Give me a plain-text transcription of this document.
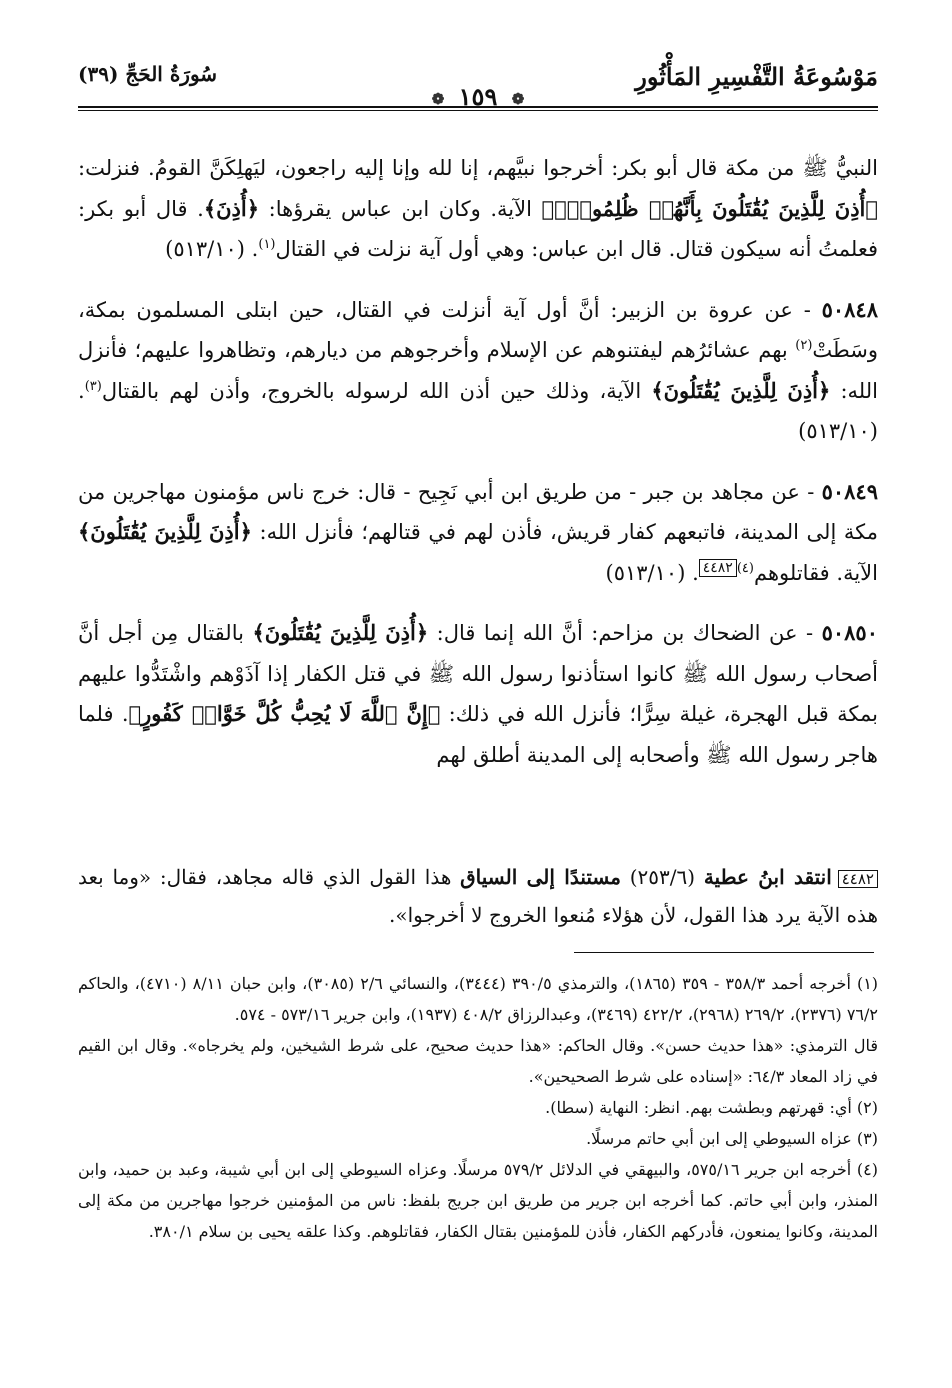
مَوْسُوعَةُ التَّفْسِيرِ المَأْثُورِ
❁ ١٥٩ ❁
سُورَةُ الحَجِّ (٣٩)

النبيُّ ﷺ من مكة قال أبو بكر: أخرجوا نبيَّهم، إنا لله وإنا إليه راجعون، ليَهلِكَنَّ القومُ. فنزلت: ﴿أُذِنَ لِلَّذِينَ يُقَٰتَلُونَ بِأَنَّهُمۡ ظُلِمُواْۚ﴾ الآية. وكان ابن عباس يقرؤها: ﴿أُذِنَ﴾. قال أبو بكر: فعلمتُ أنه سيكون قتال. قال ابن عباس: وهي أول آية نزلت في القتال$^{(١)}$. (٥١٣/١٠)

٥٠٨٤٨ - عن عروة بن الزبير: أنَّ أول آية أنزلت في القتال، حين ابتلى المسلمون بمكة، وسَطَتْ$^{(٢)}$ بهم عشائرُهم ليفتنوهم عن الإسلام وأخرجوهم من ديارهم، وتظاهروا عليهم؛ فأنزل الله: ﴿أُذِنَ لِلَّذِينَ يُقَٰتَلُونَ﴾ الآية، وذلك حين أذن الله لرسوله بالخروج، وأذن لهم بالقتال$^{(٣)}$. (٥١٣/١٠)

٥٠٨٤٩ - عن مجاهد بن جبر - من طريق ابن أبي نَجِيح - قال: خرج ناس مؤمنون مهاجرين من مكة إلى المدينة، فاتبعهم كفار قريش، فأذن لهم في قتالهم؛ فأنزل الله: ﴿أُذِنَ لِلَّذِينَ يُقَٰتَلُونَ﴾ الآية. فقاتلوهم$^{(٤)}$٤٤٨٢. (٥١٣/١٠)

٥٠٨٥٠ - عن الضحاك بن مزاحم: أنَّ الله إنما قال: ﴿أُذِنَ لِلَّذِينَ يُقَٰتَلُونَ﴾ بالقتال مِن أجل أنَّ أصحاب رسول الله ﷺ كانوا استأذنوا رسول الله ﷺ في قتل الكفار إذا آذَوْهم واشْتَدُّوا عليهم بمكة قبل الهجرة، غيلة سِرًّا؛ فأنزل الله في ذلك: ﴿إِنَّ ٱللَّهَ لَا يُحِبُّ كُلَّ خَوَّانٖ كَفُورٍ﴾. فلما هاجر رسول الله ﷺ وأصحابه إلى المدينة أطلق لهم

٤٤٨٢انتقد ابنُ عطية (٢٥٣/٦) مستندًا إلى السياق هذا القول الذي قاله مجاهد، فقال: «وما بعد هذه الآية يرد هذا القول، لأن هؤلاء مُنعوا الخروج لا أخرجوا».

(١) أخرجه أحمد ٣٥٨/٣ - ٣٥٩ (١٨٦٥)، والترمذي ٣٩٠/٥ (٣٤٤٤)، والنسائي ٢/٦ (٣٠٨٥)، وابن حبان ٨/١١ (٤٧١٠)، والحاكم ٧٦/٢ (٢٣٧٦)، ٢٦٩/٢ (٢٩٦٨)، ٤٢٢/٢ (٣٤٦٩)، وعبدالرزاق ٤٠٨/٢ (١٩٣٧)، وابن جرير ٥٧٣/١٦ - ٥٧٤.

قال الترمذي: «هذا حديث حسن». وقال الحاكم: «هذا حديث صحيح، على شرط الشيخين، ولم يخرجاه». وقال ابن القيم في زاد المعاد ٦٤/٣: «إسناده على شرط الصحيحين».

(٢) أي: قهرتهم وبطشت بهم. انظر: النهاية (سطا).

(٣) عزاه السيوطي إلى ابن أبي حاتم مرسلًا.

(٤) أخرجه ابن جرير ٥٧٥/١٦، والبيهقي في الدلائل ٥٧٩/٢ مرسلًا. وعزاه السيوطي إلى ابن أبي شيبة، وعبد بن حميد، وابن المنذر، وابن أبي حاتم. كما أخرجه ابن جرير من طريق ابن جريج بلفظ: ناس من المؤمنين خرجوا مهاجرين من مكة إلى المدينة، وكانوا يمنعون، فأدركهم الكفار، فأذن للمؤمنين بقتال الكفار، فقاتلوهم. وكذا علقه يحيى بن سلام ٣٨٠/١.
